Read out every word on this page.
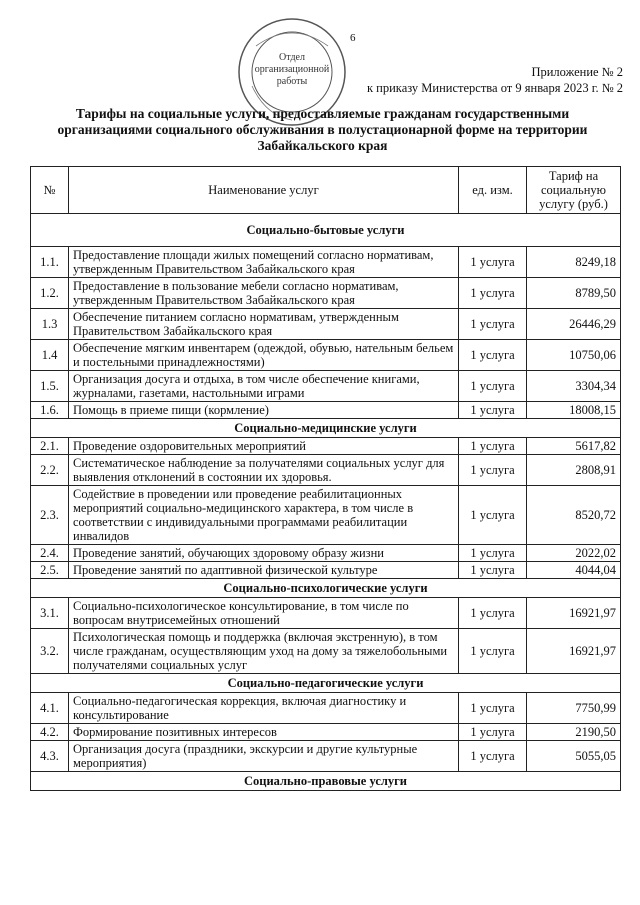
6
Отдел
организационной
работы
Приложение № 2
к приказу Министерства от 9 января 2023 г. № 2
Тарифы на социальные услуги, предоставляемые гражданам государственными организациями социального обслуживания в полустационарной форме на территории Забайкальского края
№	Наименование услуг	ед. изм.	Тариф на социальную услугу (руб.)
Социально-бытовые услуги			
1.1.	Предоставление площади жилых помещений согласно нормативам, утвержденным Правительством Забайкальского края	1 услуга	8249,18
1.2.	Предоставление в пользование мебели согласно нормативам, утвержденным Правительством Забайкальского края	1 услуга	8789,50
1.3	Обеспечение питанием согласно нормативам, утвержденным Правительством Забайкальского края	1 услуга	26446,29
1.4	Обеспечение мягким инвентарем (одеждой, обувью, нательным бельем и постельными принадлежностями)	1 услуга	10750,06
1.5.	Организация досуга и отдыха, в том числе обеспечение книгами, журналами, газетами, настольными играми	1 услуга	3304,34
1.6.	Помощь в приеме пищи (кормление)	1 услуга	18008,15
Социально-медицинские услуги			
2.1.	Проведение оздоровительных мероприятий	1 услуга	5617,82
2.2.	Систематическое наблюдение за получателями социальных услуг для выявления отклонений в состоянии их здоровья.	1 услуга	2808,91
2.3.	Содействие в проведении или проведение реабилитационных мероприятий социально-медицинского характера, в том числе в соответствии с индивидуальными программами реабилитации инвалидов	1 услуга	8520,72
2.4.	Проведение занятий, обучающих здоровому образу жизни	1 услуга	2022,02
2.5.	Проведение занятий по адаптивной физической культуре	1 услуга	4044,04
Социально-психологические услуги			
3.1.	Социально-психологическое консультирование, в том числе по вопросам внутрисемейных отношений	1 услуга	16921,97
3.2.	Психологическая помощь и поддержка (включая экстренную), в том числе гражданам, осуществляющим уход на дому за тяжелобольными получателями социальных услуг	1 услуга	16921,97
Социально-педагогические услуги			
4.1.	Социально-педагогическая коррекция, включая диагностику и консультирование	1 услуга	7750,99
4.2.	Формирование позитивных интересов	1 услуга	2190,50
4.3.	Организация досуга (праздники, экскурсии и другие культурные мероприятия)	1 услуга	5055,05
Социально-правовые услуги			
